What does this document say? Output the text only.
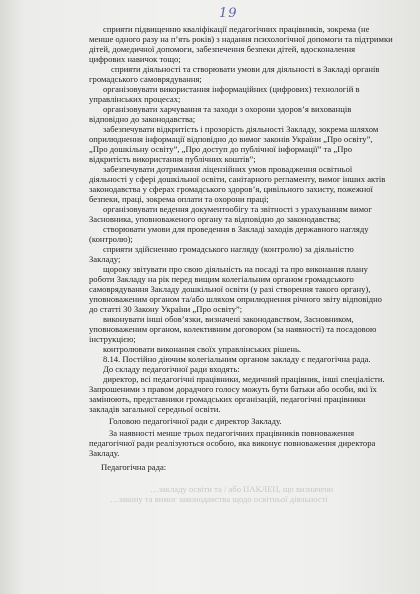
19
сприяти підвищенню кваліфікації педагогічних працівників, зокрема (не
менше одного разу на п’ять років) з надання психологічної допомоги та підтримки
дітей, домедичної допомоги, забезпечення безпеки дітей, вдосконалення
цифрових навичок тощо;
сприяти діяльності та створювати умови для діяльності в Закладі органів
громадського самоврядування;
організовувати використання інформаційних (цифрових) технологій в
управлінських процесах;
організовувати харчування та заходи з охорони здоров’я вихованців
відповідно до законодавства;
забезпечувати відкритість і прозорість діяльності Закладу, зокрема шляхом
оприлюднення інформації відповідно до вимог законів України „Про освіту”,
„Про дошкільну освіту”, „Про доступ до публічної інформації” та „Про
відкритість використання публічних коштів”;
забезпечувати дотримання ліцензійних умов провадження освітньої
діяльності у сфері дошкільної освіти, санітарного регламенту, вимог інших актів
законодавства у сферах громадського здоров’я, цивільного захисту, пожежної
безпеки, праці, зокрема оплати та охорони праці;
організовувати ведення документообігу та звітності з урахуванням вимог
Засновника, уповноваженого органу та відповідно до законодавства;
створювати умови для проведення в Закладі заходів державного нагляду
(контролю);
сприяти здійсненню громадського нагляду (контролю) за діяльністю
Закладу;
щороку звітувати про свою діяльність на посаді та про виконання плану
роботи Закладу на рік перед вищим колегіальним органом громадського
самоврядування Закладу дошкільної освіти (у разі створення такого органу),
уповноваженим органом та/або шляхом оприлюднення річного звіту відповідно
до статті 30 Закону України „Про освіту”;
виконувати інші обов’язки, визначені законодавством, Засновником,
уповноваженим органом, колективним договором (за наявності) та посадовою
інструкцією;
контролювати виконання своїх управлінських рішень.
8.14. Постійно діючим колегіальним органом закладу є педагогічна рада.
До складу педагогічної ради входять:
директор, всі педагогічні працівники, медичний працівник, інші спеціалісти.
Запрошеними з правом дорадчого голосу можуть бути батьки або особи, які їх
замінюють, представники громадських організацій, педагогічні працівники
закладів загальної середньої освіти.
Головою педагогічної ради є директор Закладу.
За наявності менше трьох педагогічних працівників повноваження
педагогічної ради реалізуються особою, яка виконує повноваження директора
Закладу.
Педагогічна рада:
…закладу освіти та / або ПАКЛЕП, що визначено
…закону та вимог законодавства щодо освітньої діяльності
